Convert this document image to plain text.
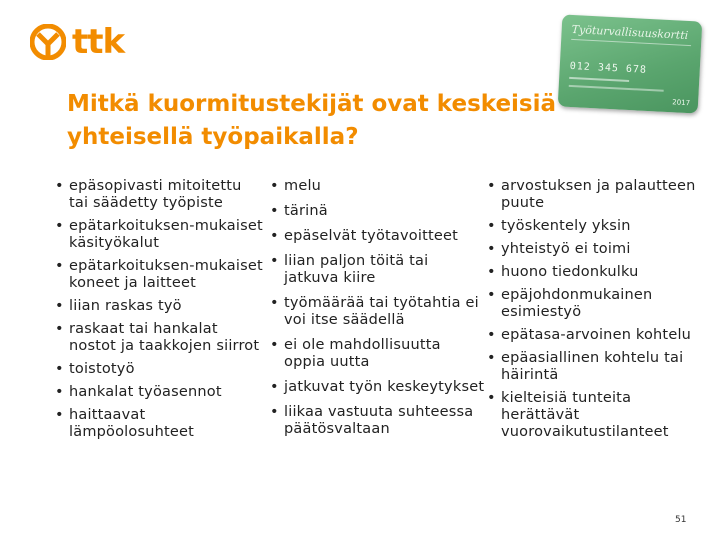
ttk	Työturvallisuuskortti
012 345 678
2017
Mitkä kuormitustekijät ovat keskeisiä yhteisellä työpaikalla?
• epäsopivasti mitoitettu tai säädetty työpiste
• epätarkoituksen-mukaiset käsityökalut
• epätarkoituksen-mukaiset koneet ja laitteet
• liian raskas työ
• raskaat tai hankalat nostot ja taakkojen siirrot
• toistotyö
• hankalat työasennot
• haittaavat lämpöolosuhteet
• melu
• tärinä
• epäselvät työtavoitteet
• liian paljon töitä tai jatkuva kiire
• työmäärää tai työtahtia ei voi itse säädellä
• ei ole mahdollisuutta oppia uutta
• jatkuvat työn keskeytykset
• liikaa vastuuta suhteessa päätösvaltaan
• arvostuksen ja palautteen puute
• työskentely yksin
• yhteistyö ei toimi
• huono tiedonkulku
• epäjohdonmukainen esimiestyö
• epätasa-arvoinen kohtelu
• epäasiallinen kohtelu tai häirintä
• kielteisiä tunteita herättävät vuorovaikutustilanteet
51
